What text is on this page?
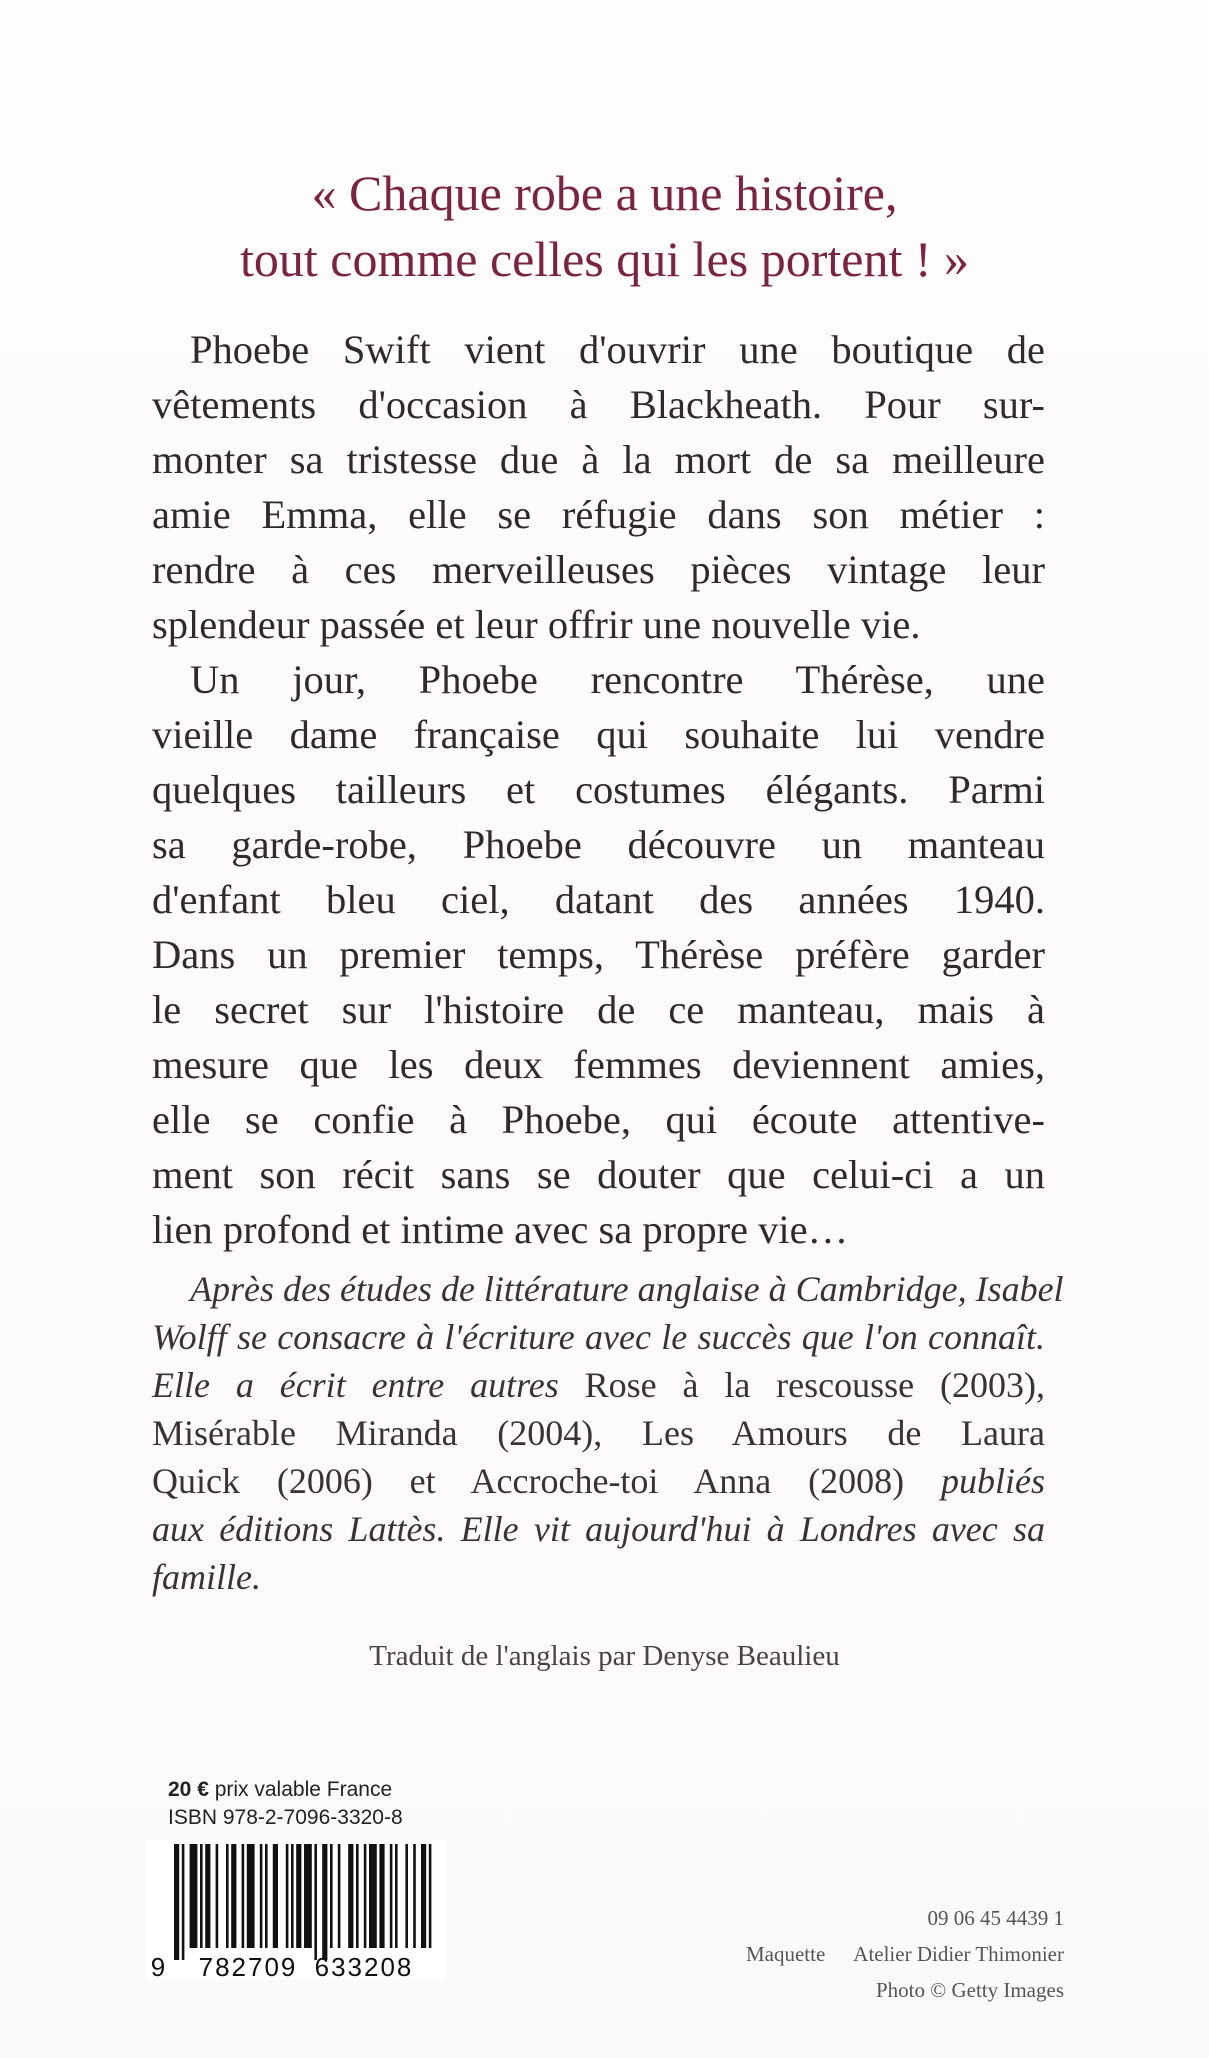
« Chaque robe a une histoire,
tout comme celles qui les portent ! »
Phoebe Swift vient d'ouvrir une boutique de
vêtements d'occasion à Blackheath. Pour sur-
monter sa tristesse due à la mort de sa meilleure
amie Emma, elle se réfugie dans son métier :
rendre à ces merveilleuses pièces vintage leur
splendeur passée et leur offrir une nouvelle vie.
Un jour, Phoebe rencontre Thérèse, une
vieille dame française qui souhaite lui vendre
quelques tailleurs et costumes élégants. Parmi
sa garde-robe, Phoebe découvre un manteau
d'enfant bleu ciel, datant des années 1940.
Dans un premier temps, Thérèse préfère garder
le secret sur l'histoire de ce manteau, mais à
mesure que les deux femmes deviennent amies,
elle se confie à Phoebe, qui écoute attentive-
ment son récit sans se douter que celui-ci a un
lien profond et intime avec sa propre vie…
Après des études de littérature anglaise à Cambridge, Isabel
Wolff se consacre à l'écriture avec le succès que l'on connaît.
Elle a écrit entre autres Rose à la rescousse (2003),
Misérable Miranda (2004), Les Amours de Laura
Quick (2006) et Accroche-toi Anna (2008) publiés
aux éditions Lattès. Elle vit aujourd'hui à Londres avec sa
famille.
Traduit de l'anglais par Denyse Beaulieu
20 € prix valable France
ISBN 978-2-7096-3320-8
9 782709 633208
09 06 45 4439 1
Maquette Atelier Didier Thimonier
Photo © Getty Images
